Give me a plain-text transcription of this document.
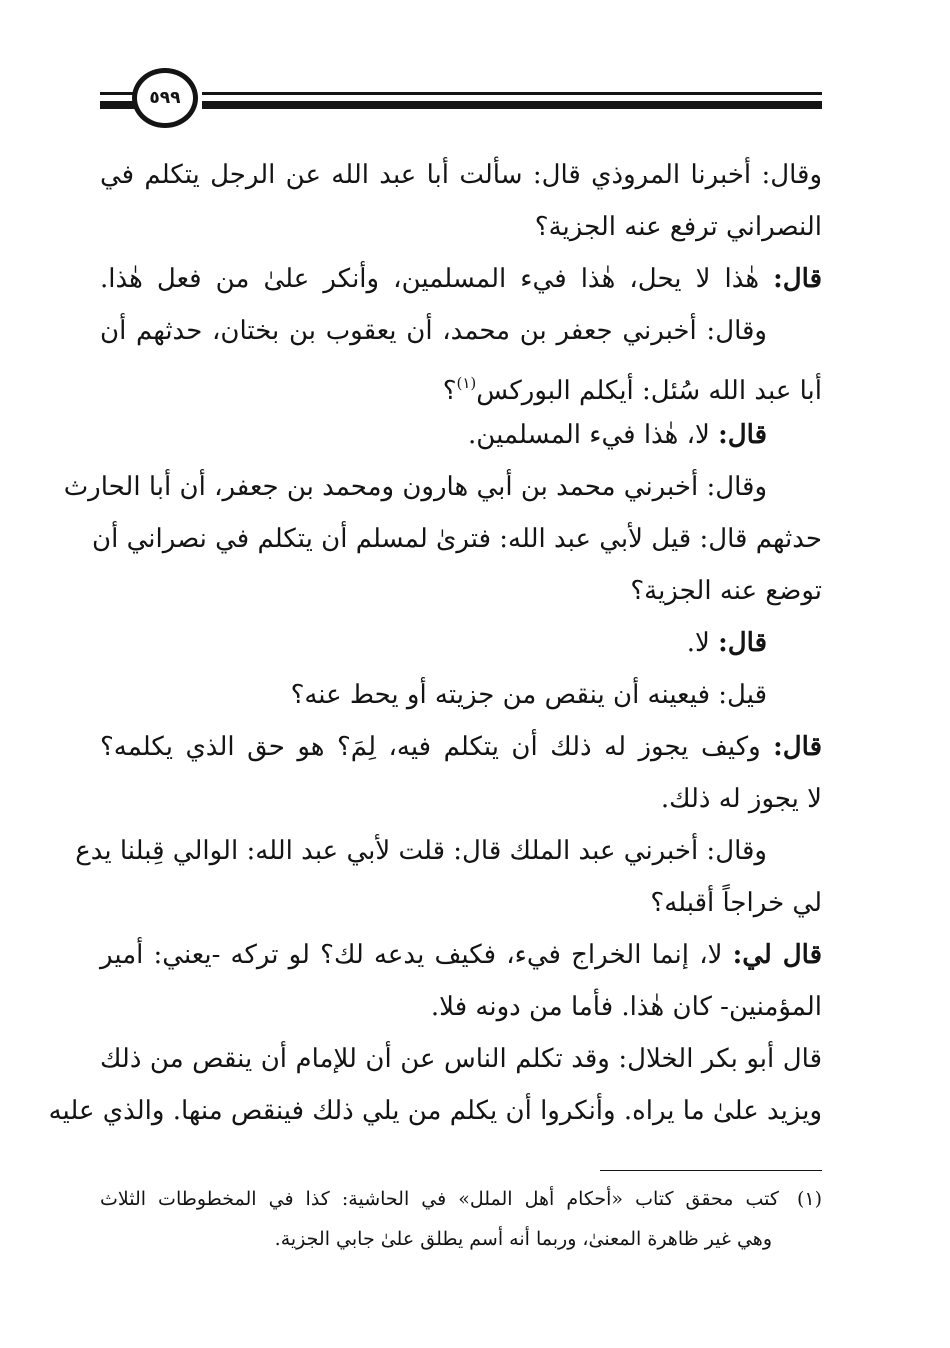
٥٩٩
وقال: أخبرنا المروذي قال: سألت أبا عبد الله عن الرجل يتكلم في
النصراني ترفع عنه الجزية؟
قال: هٰذا لا يحل، هٰذا فيء المسلمين، وأنكر علىٰ من فعل هٰذا.
وقال: أخبرني جعفر بن محمد، أن يعقوب بن بختان، حدثهم أن
أبا عبد الله سُئل: أيكلم البوركس$^{(١)}$؟
قال: لا، هٰذا فيء المسلمين.
وقال: أخبرني محمد بن أبي هارون ومحمد بن جعفر، أن أبا الحارث
حدثهم قال: قيل لأبي عبد الله: فترىٰ لمسلم أن يتكلم في نصراني أن
توضع عنه الجزية؟
قال: لا.
قيل: فيعينه أن ينقص من جزيته أو يحط عنه؟
قال: وكيف يجوز له ذلك أن يتكلم فيه، لِمَ؟ هو حق الذي يكلمه؟
لا يجوز له ذلك.
وقال: أخبرني عبد الملك قال: قلت لأبي عبد الله: الوالي قِبلنا يدع
لي خراجاً أقبله؟
قال لي: لا، إنما الخراج فيء، فكيف يدعه لك؟ لو تركه -يعني: أمير
المؤمنين- كان هٰذا. فأما من دونه فلا.
قال أبو بكر الخلال: وقد تكلم الناس عن أن للإمام أن ينقص من ذلك
ويزيد علىٰ ما يراه. وأنكروا أن يكلم من يلي ذلك فينقص منها. والذي عليه
(١)كتب محقق كتاب «أحكام أهل الملل» في الحاشية: كذا في المخطوطات الثلاث
وهي غير ظاهرة المعنىٰ، وربما أنه أسم يطلق علىٰ جابي الجزية.
